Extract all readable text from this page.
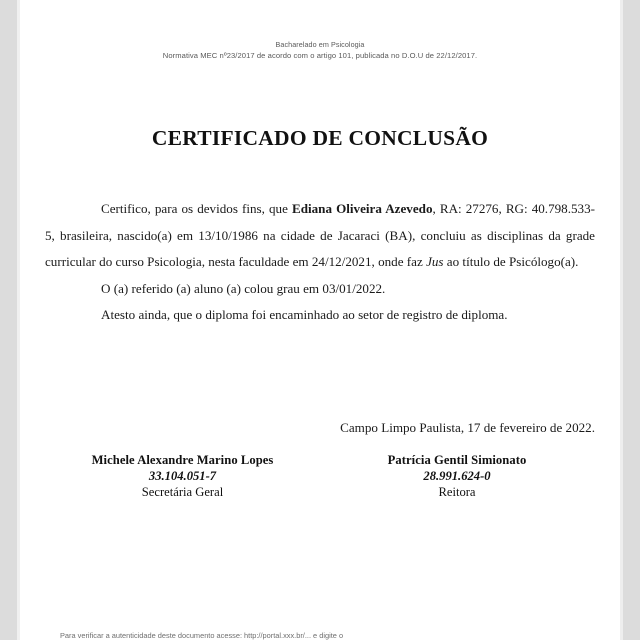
Bacharelado em Psicologia
Normativa MEC nº23/2017 de acordo com o artigo 101, publicada no D.O.U de 22/12/2017.
CERTIFICADO DE CONCLUSÃO

Certifico, para os devidos fins, que Ediana Oliveira Azevedo, RA: 27276, RG: 40.798.533-5, brasileira, nascido(a) em 13/10/1986 na cidade de Jacaraci (BA), concluiu as disciplinas da grade curricular do curso Psicologia, nesta faculdade em 24/12/2021, onde faz Jus ao título de Psicólogo(a).

O (a) referido (a) aluno (a) colou grau em 03/01/2022.

Atesto ainda, que o diploma foi encaminhado ao setor de registro de diploma.

Campo Limpo Paulista, 17 de fevereiro de 2022.
Michele Alexandre Marino Lopes
33.104.051-7
Secretária Geral
Patrícia Gentil Simionato
28.991.624-0
Reitora
Para verificar a autenticidade deste documento acesse: http://portal.xxx.br/... e digite o
